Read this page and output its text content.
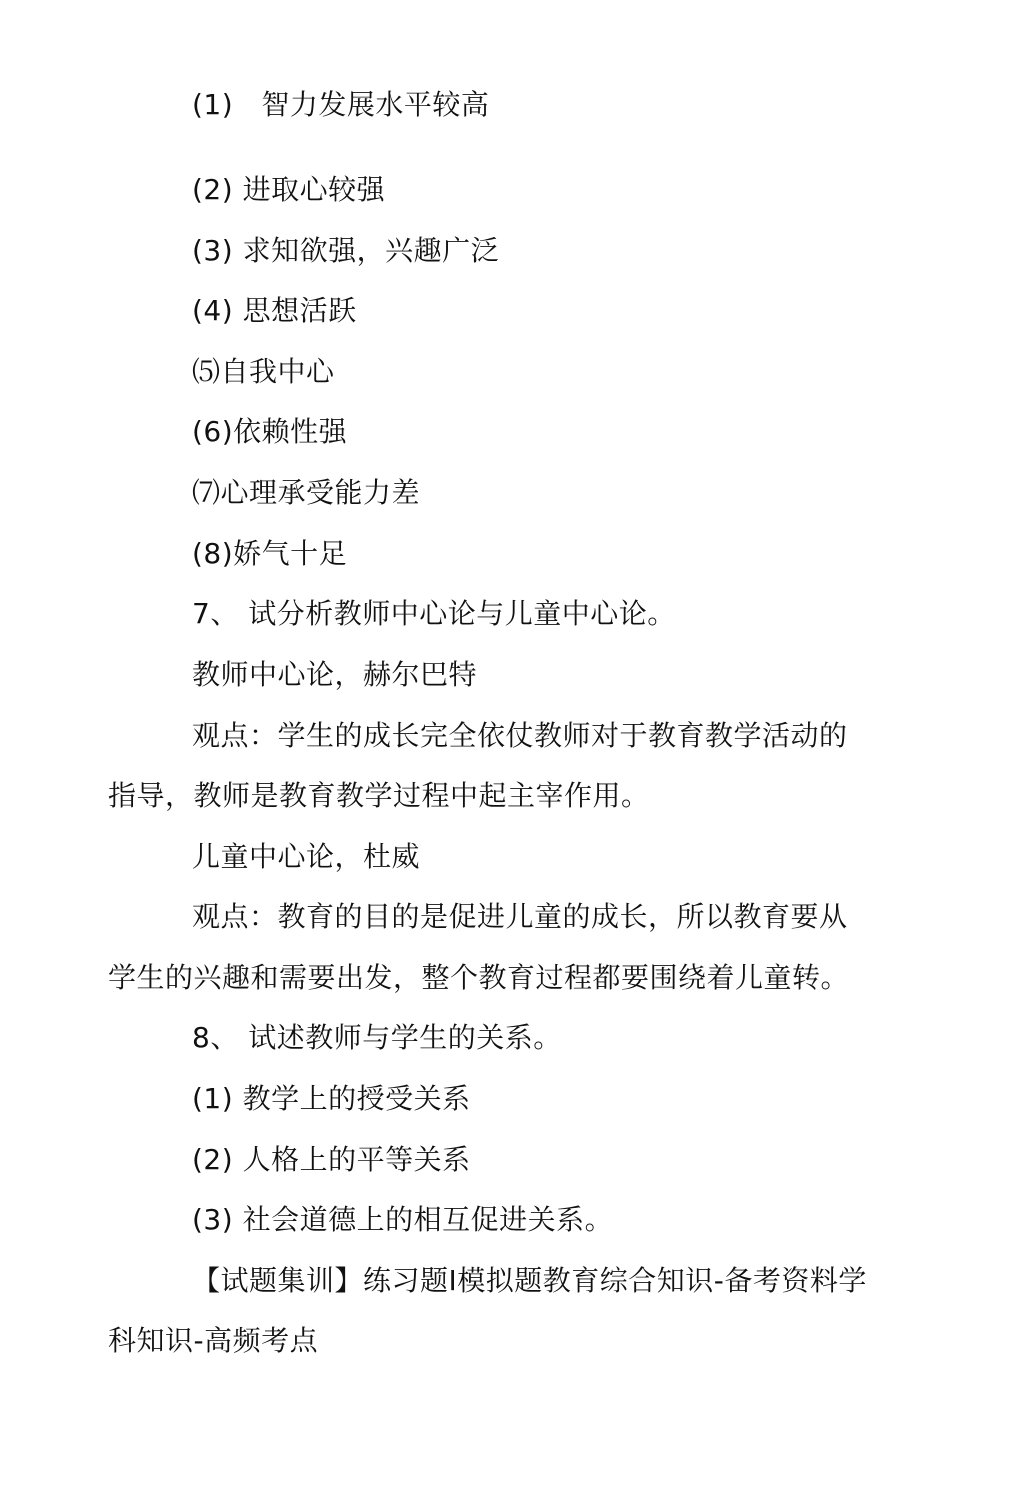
(1)   智力发展水平较高
(2) 进取心较强
(3) 求知欲强，兴趣广泛
(4) 思想活跃
⑸自我中心
(6)依赖性强
⑺心理承受能力差
(8)娇气十足
7、 试分析教师中心论与儿童中心论。
教师中心论，赫尔巴特
观点：学生的成长完全依仗教师对于教育教学活动的
指导，教师是教育教学过程中起主宰作用。
儿童中心论，杜威
观点：教育的目的是促进儿童的成长，所以教育要从
学生的兴趣和需要出发，整个教育过程都要围绕着儿童转。
8、 试述教师与学生的关系。
(1) 教学上的授受关系
(2) 人格上的平等关系
(3) 社会道德上的相互促进关系。
【试题集训】练习题I模拟题教育综合知识-备考资料学
科知识-高频考点
